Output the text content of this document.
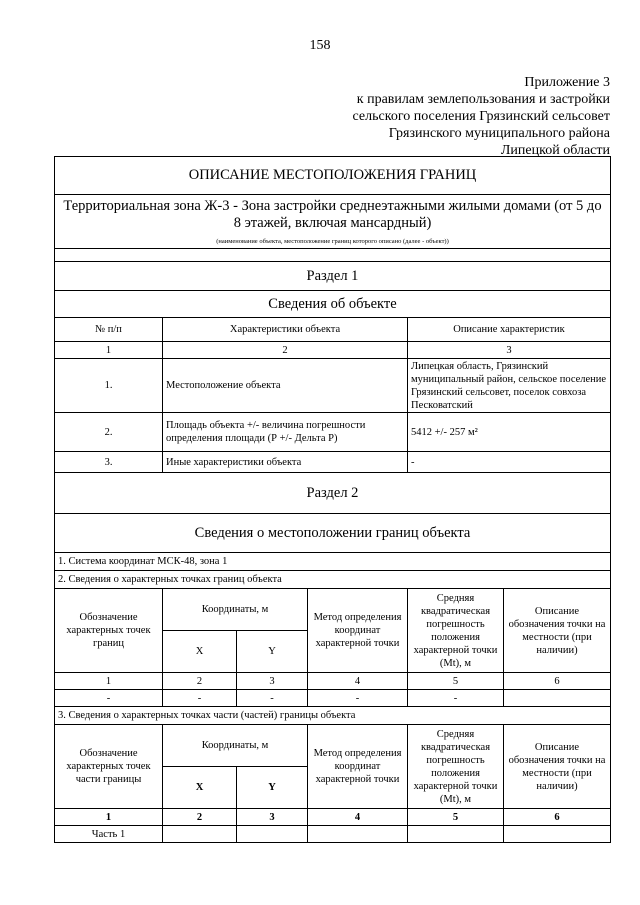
158
Приложение 3
к правилам землепользования и застройки
сельского поселения Грязинский сельсовет
Грязинского муниципального района
Липецкой области
ОПИСАНИЕ МЕСТОПОЛОЖЕНИЯ ГРАНИЦ					
Территориальная зона Ж-3 - Зона застройки среднеэтажными жилыми домами (от 5 до 8 этажей, включая мансардный)					
(наименование объекта, местоположение границ которого описано (далее - объект))					

Раздел 1					
Сведения об объекте					
№ п/п	Характеристики объекта			Описание характеристик	
1	2			3	
1.	Местоположение объекта			Липецкая область, Грязинский муниципальный район, сельское поселение Грязинский сельсовет, поселок совхоза Песковатский	
2.	Площадь объекта +/- величина погрешности определения площади (Р +/- Дельта Р)			5412 +/- 257 м²	
3.	Иные характеристики объекта			-	
Раздел 2					
Сведения о местоположении границ объекта					
1. Система координат МСК-48, зона 1					
2. Сведения о характерных точках границ объекта					
Обозначение характерных точек границ	Координаты, м		Метод определения координат характерной точки	Средняя квадратическая погрешность положения характерной точки (Mt), м	Описание обозначения точки на местности (при наличии)
	X	Y			
1	2	3	4	5	6
-	-	-	-	-	
3. Сведения о характерных точках части (частей) границы объекта					
Обозначение характерных точек части границы	Координаты, м		Метод определения координат характерной точки	Средняя квадратическая погрешность положения характерной точки (Mt), м	Описание обозначения точки на местности (при наличии)
	X	Y			
1	2	3	4	5	6
Часть 1					
